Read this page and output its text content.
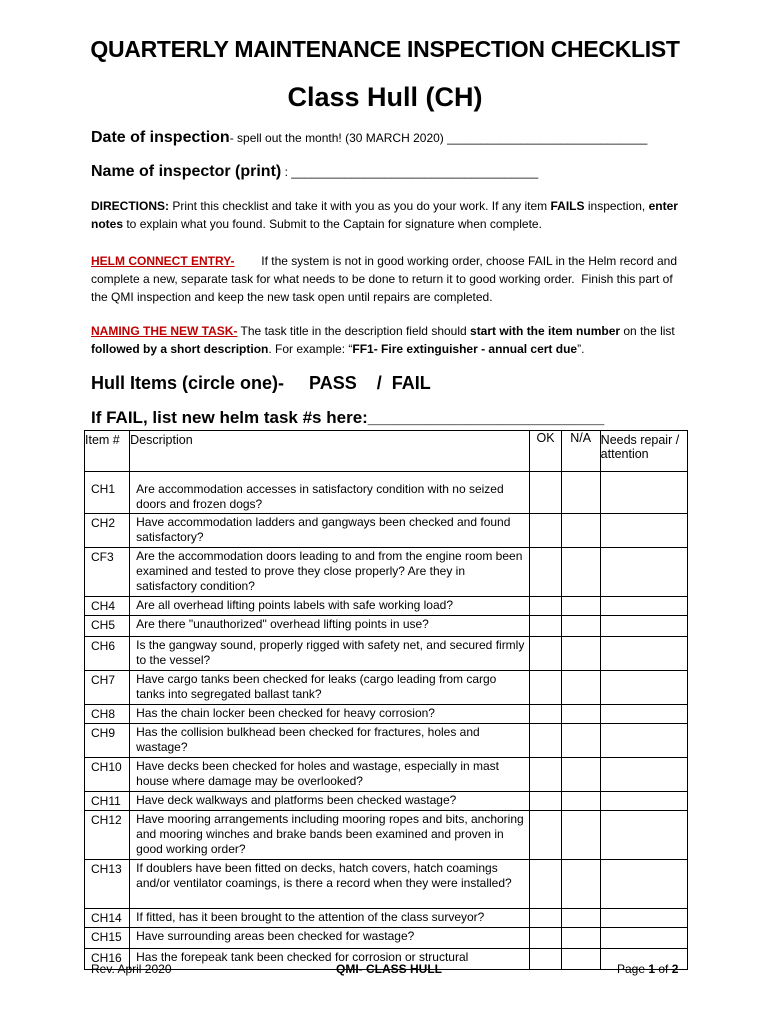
QUARTERLY MAINTENANCE INSPECTION CHECKLIST
Class Hull (CH)
Date of inspection- spell out the month! (30 MARCH 2020) ______________________________
Name of inspector (print) : _____________________________________
DIRECTIONS: Print this checklist and take it with you as you do your work. If any item FAILS inspection, enter notes to explain what you found. Submit to the Captain for signature when complete.
HELM CONNECT ENTRY-        If the system is not in good working order, choose FAIL in the Helm record and complete a new, separate task for what needs to be done to return it to good working order.  Finish this part of the QMI inspection and keep the new task open until repairs are completed.
NAMING THE NEW TASK- The task title in the description field should start with the item number on the list followed by a short description. For example: “FF1- Fire extinguisher - annual cert due”.
Hull Items (circle one)-     PASS    /  FAIL
If FAIL, list new helm task #s here:_________________________
Item #	Description	OK	N/A	Needs repair / attention
CH1	Are accommodation accesses in satisfactory condition with no seized doors and frozen dogs?			
CH2	Have accommodation ladders and gangways been checked and found satisfactory?			
CF3	Are the accommodation doors leading to and from the engine room been examined and tested to prove they close properly? Are they in satisfactory condition?			
CH4	Are all overhead lifting points labels with safe working load?			
CH5	Are there "unauthorized" overhead lifting points in use?			
CH6	Is the gangway sound, properly rigged with safety net, and secured firmly to the vessel?			
CH7	Have cargo tanks been checked for leaks (cargo leading from cargo tanks into segregated ballast tank?			
CH8	Has the chain locker been checked for heavy corrosion?			
CH9	Has the collision bulkhead been checked for fractures, holes and wastage?			
CH10	Have decks been checked for holes and wastage, especially in mast house where damage may be overlooked?			
CH11	Have deck walkways and platforms been checked wastage?			
CH12	Have mooring arrangements including mooring ropes and bits, anchoring and mooring winches and brake bands been examined and proven in good working order?			
CH13	If doublers have been fitted on decks, hatch covers, hatch coamings and/or ventilator coamings, is there a record when they were installed?			
CH14	If fitted, has it been brought to the attention of the class surveyor?			
CH15	Have surrounding areas been checked for wastage?			
CH16	Has the forepeak tank been checked for corrosion or structural			
Rev. April 2020	QMI- CLASS HULL	Page 1 of 2
